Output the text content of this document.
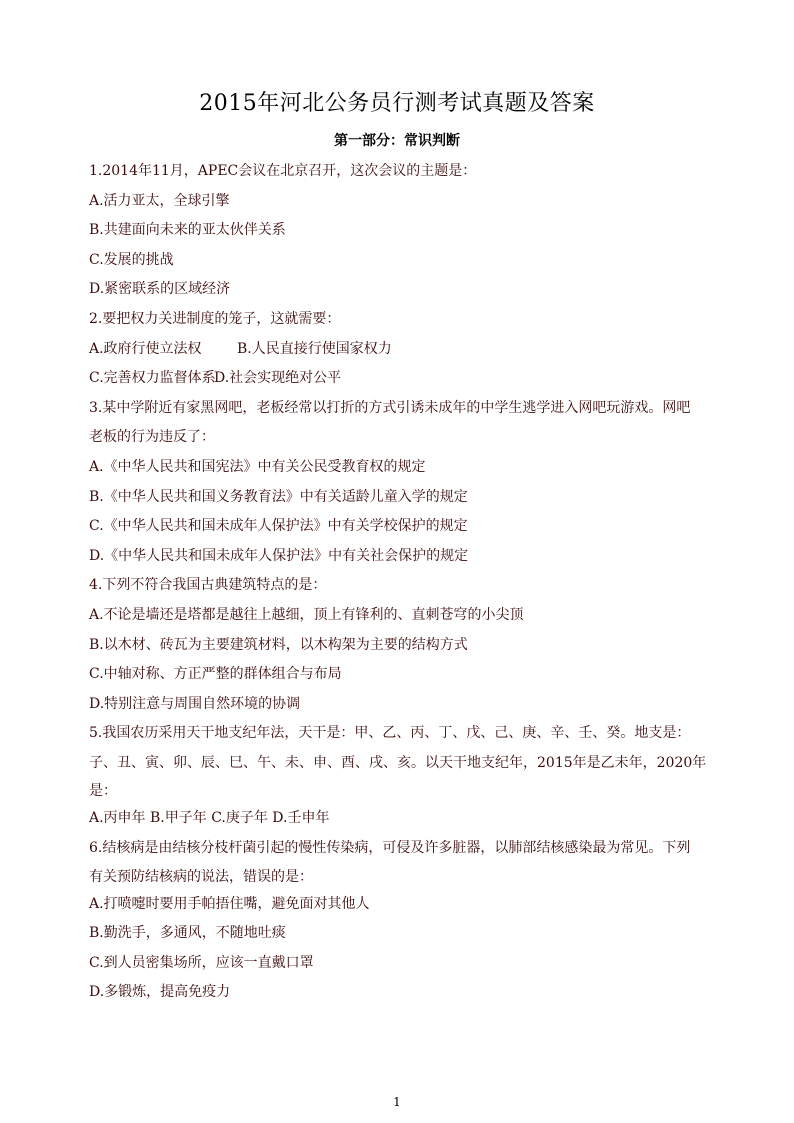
2015年河北公务员行测考试真题及答案
第一部分：常识判断
1.2014年11月，APEC会议在北京召开，这次会议的主题是：
A.活力亚太，全球引擎
B.共建面向未来的亚太伙伴关系
C.发展的挑战
D.紧密联系的区域经济
2.要把权力关进制度的笼子，这就需要：
A.政府行使立法权	B.人民直接行使国家权力
C.完善权力监督体系
D.社会实现绝对公平
3.某中学附近有家黑网吧，老板经常以打折的方式引诱未成年的中学生逃学进入网吧玩游戏。网吧
老板的行为违反了：
A.《中华人民共和国宪法》中有关公民受教育权的规定
B.《中华人民共和国义务教育法》中有关适龄儿童入学的规定
C.《中华人民共和国未成年人保护法》中有关学校保护的规定
D.《中华人民共和国未成年人保护法》中有关社会保护的规定
4.下列不符合我国古典建筑特点的是：
A.不论是墙还是塔都是越往上越细，顶上有锋利的、直刺苍穹的小尖顶
B.以木材、砖瓦为主要建筑材料，以木构架为主要的结构方式
C.中轴对称、方正严整的群体组合与布局
D.特别注意与周围自然环境的协调
5.我国农历采用天干地支纪年法，天干是：甲、乙、丙、丁、戊、己、庚、辛、壬、癸。地支是：
子、丑、寅、卯、辰、巳、午、未、申、酉、戌、亥。以天干地支纪年，2015年是乙未年，2020年
是：
A.丙申年 B.甲子年 C.庚子年 D.壬申年
6.结核病是由结核分枝杆菌引起的慢性传染病，可侵及许多脏器，以肺部结核感染最为常见。下列
有关预防结核病的说法，错误的是：
A.打喷嚏时要用手帕捂住嘴，避免面对其他人
B.勤洗手，多通风，不随地吐痰
C.到人员密集场所，应该一直戴口罩
D.多锻炼，提高免疫力
1
